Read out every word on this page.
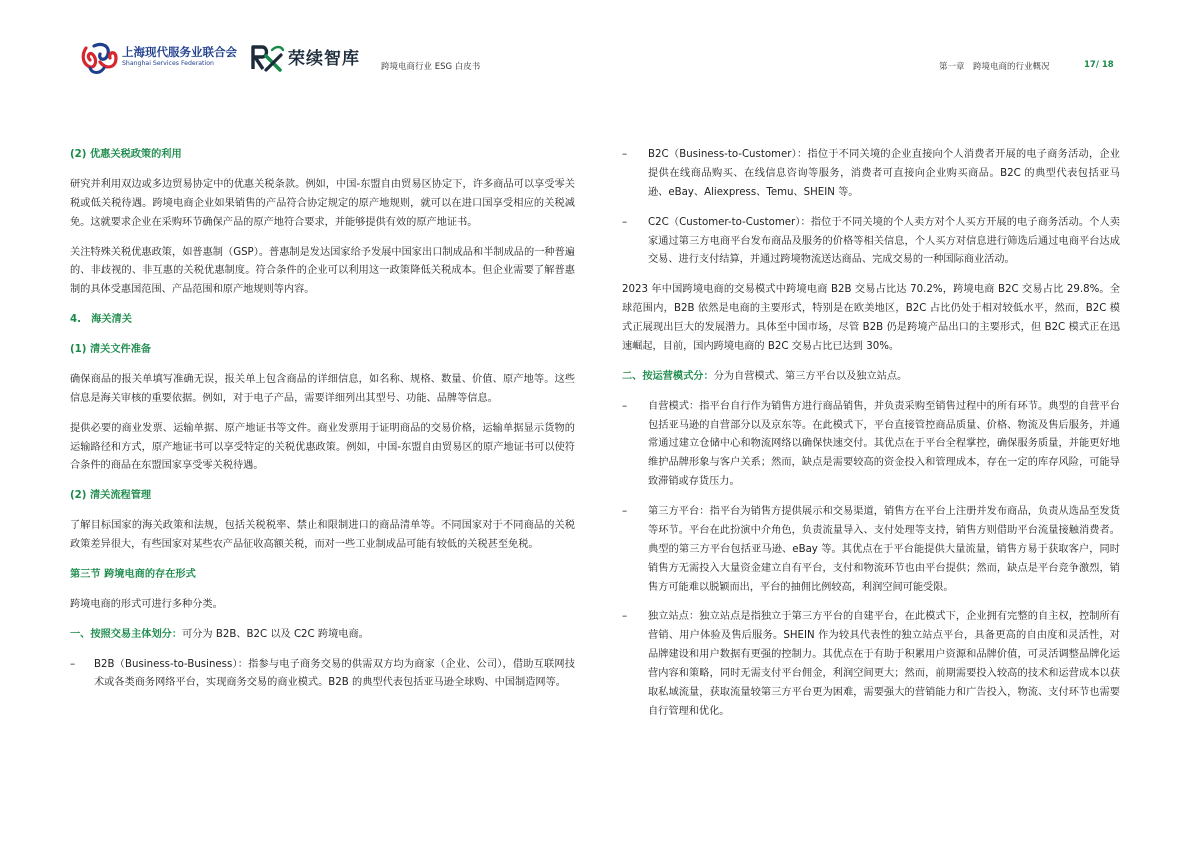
上海现代服务业联合会
Shanghai Services Federation	荣续智库 跨境电商行业 ESG 白皮书	第一章　跨境电商的行业概况	17/ 18
(2) 优惠关税政策的利用

研究并利用双边或多边贸易协定中的优惠关税条款。例如，中国-东盟自由贸易区协定下，许多商品可以享受零关税或低关税待遇。跨境电商企业如果销售的产品符合协定规定的原产地规则，就可以在进口国享受相应的关税减免。这就要求企业在采购环节确保产品的原产地符合要求，并能够提供有效的原产地证书。

关注特殊关税优惠政策，如普惠制（GSP）。普惠制是发达国家给予发展中国家出口制成品和半制成品的一种普遍的、非歧视的、非互惠的关税优惠制度。符合条件的企业可以利用这一政策降低关税成本。但企业需要了解普惠制的具体受惠国范围、产品范围和原产地规则等内容。

4.　海关清关
(1) 清关文件准备

确保商品的报关单填写准确无误，报关单上包含商品的详细信息，如名称、规格、数量、价值、原产地等。这些信息是海关审核的重要依据。例如，对于电子产品，需要详细列出其型号、功能、品牌等信息。

提供必要的商业发票、运输单据、原产地证书等文件。商业发票用于证明商品的交易价格，运输单据显示货物的运输路径和方式，原产地证书可以享受特定的关税优惠政策。例如，中国-东盟自由贸易区的原产地证书可以使符合条件的商品在东盟国家享受零关税待遇。

(2) 清关流程管理

了解目标国家的海关政策和法规，包括关税税率、禁止和限制进口的商品清单等。不同国家对于不同商品的关税政策差异很大，有些国家对某些农产品征收高额关税，而对一些工业制成品可能有较低的关税甚至免税。

第三节 跨境电商的存在形式

跨境电商的形式可进行多种分类。

一、按照交易主体划分：可分为 B2B、B2C 以及 C2C 跨境电商。
– B2B（Business-to-Business）：指参与电子商务交易的供需双方均为商家（企业、公司），借助互联网技术或各类商务网络平台，实现商务交易的商业模式。B2B 的典型代表包括亚马逊全球购、中国制造网等。
– B2C（Business-to-Customer）：指位于不同关境的企业直接向个人消费者开展的电子商务活动，企业提供在线商品购买、在线信息咨询等服务，消费者可直接向企业购买商品。B2C 的典型代表包括亚马逊、eBay、Aliexpress、Temu、SHEIN 等。
– C2C（Customer-to-Customer）：指位于不同关境的个人卖方对个人买方开展的电子商务活动。个人卖家通过第三方电商平台发布商品及服务的价格等相关信息，个人买方对信息进行筛选后通过电商平台达成交易、进行支付结算，并通过跨境物流送达商品、完成交易的一种国际商业活动。

2023 年中国跨境电商的交易模式中跨境电商 B2B 交易占比达 70.2%，跨境电商 B2C 交易占比 29.8%。全球范围内，B2B 依然是电商的主要形式，特别是在欧美地区，B2C 占比仍处于相对较低水平，然而，B2C 模式正展现出巨大的发展潜力。具体至中国市场，尽管 B2B 仍是跨境产品出口的主要形式，但 B2C 模式正在迅速崛起，目前，国内跨境电商的 B2C 交易占比已达到 30%。

二、按运营模式分：分为自营模式、第三方平台以及独立站点。
– 自营模式：指平台自行作为销售方进行商品销售，并负责采购至销售过程中的所有环节。典型的自营平台包括亚马逊的自营部分以及京东等。在此模式下，平台直接管控商品质量、价格、物流及售后服务，并通常通过建立仓储中心和物流网络以确保快速交付。其优点在于平台全程掌控，确保服务质量，并能更好地维护品牌形象与客户关系；然而，缺点是需要较高的资金投入和管理成本，存在一定的库存风险，可能导致滞销或存货压力。
– 第三方平台：指平台为销售方提供展示和交易渠道，销售方在平台上注册并发布商品，负责从选品至发货等环节。平台在此扮演中介角色，负责流量导入、支付处理等支持，销售方则借助平台流量接触消费者。典型的第三方平台包括亚马逊、eBay 等。其优点在于平台能提供大量流量，销售方易于获取客户，同时销售方无需投入大量资金建立自有平台，支付和物流环节也由平台提供；然而，缺点是平台竞争激烈，销售方可能难以脱颖而出，平台的抽佣比例较高，利润空间可能受限。
– 独立站点：独立站点是指独立于第三方平台的自建平台，在此模式下，企业拥有完整的自主权，控制所有营销、用户体验及售后服务。SHEIN 作为较具代表性的独立站点平台，具备更高的自由度和灵活性，对品牌建设和用户数据有更强的控制力。其优点在于有助于积累用户资源和品牌价值，可灵活调整品牌化运营内容和策略，同时无需支付平台佣金，利润空间更大；然而，前期需要投入较高的技术和运营成本以获取私域流量，获取流量较第三方平台更为困难，需要强大的营销能力和广告投入，物流、支付环节也需要自行管理和优化。
